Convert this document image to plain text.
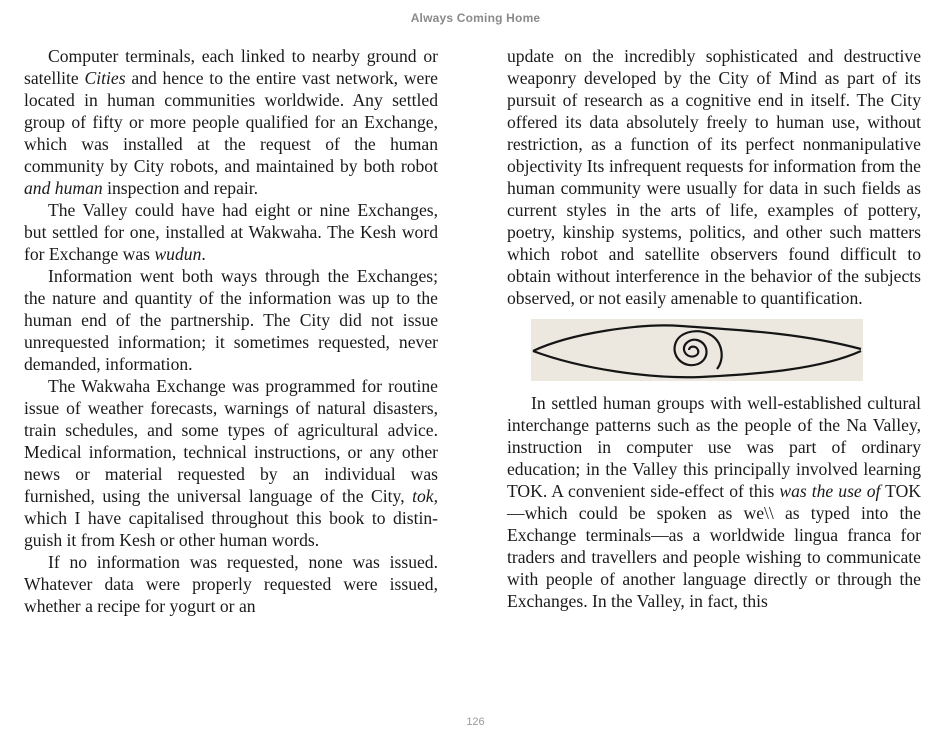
Always Coming Home

Computer terminals, each linked to nearby ground or satellite Cities and hence to the entire vast network, were located in human communities worldwide. Any settled group of fifty or more people qualified for an Exchange, which was installed at the request of the human community by City robots, and maintained by both robot and human inspection and repair.

The Valley could have had eight or nine Exchanges, but settled for one, installed at Wakwaha. The Kesh word for Exchange was wudun.

Information went both ways through the Exchanges; the nature and quantity of the information was up to the human end of the partnership. The City did not issue unrequested information; it sometimes requested, never demanded, information.

The Wakwaha Exchange was programmed for routine issue of weather forecasts, warnings of natural disasters, train schedules, and some types of agricultural advice. Medical information, technical instructions, or any other news or material requested by an individual was furnished, using the universal language of the City, tok, which I have capitalised throughout this book to distinguish it from Kesh or other human words.

If no information was requested, none was issued. Whatever data were properly requested were issued, whether a recipe for yogurt or an

update on the incredibly sophisticated and destructive weaponry developed by the City of Mind as part of its pursuit of research as a cognitive end in itself. The City offered its data absolutely freely to human use, without restriction, as a function of its perfect nonmanipulative objectivity Its infrequent requests for information from the human community were usually for data in such fields as current styles in the arts of life, examples of pottery, poetry, kinship systems, politics, and other such matters which robot and satellite observers found difficult to obtain without interference in the behavior of the subjects observed, or not easily amenable to quantification.

In settled human groups with well-established cultural interchange patterns such as the people of the Na Valley, instruction in computer use was part of ordinary education; in the Valley this principally involved learning TOK. A convenient side-effect of this was the use of TOK—which could be spoken as we\\ as typed into the Exchange terminals—as a worldwide lingua franca for traders and travellers and people wishing to communicate with people of another language directly or through the Exchanges. In the Valley, in fact, this

126
